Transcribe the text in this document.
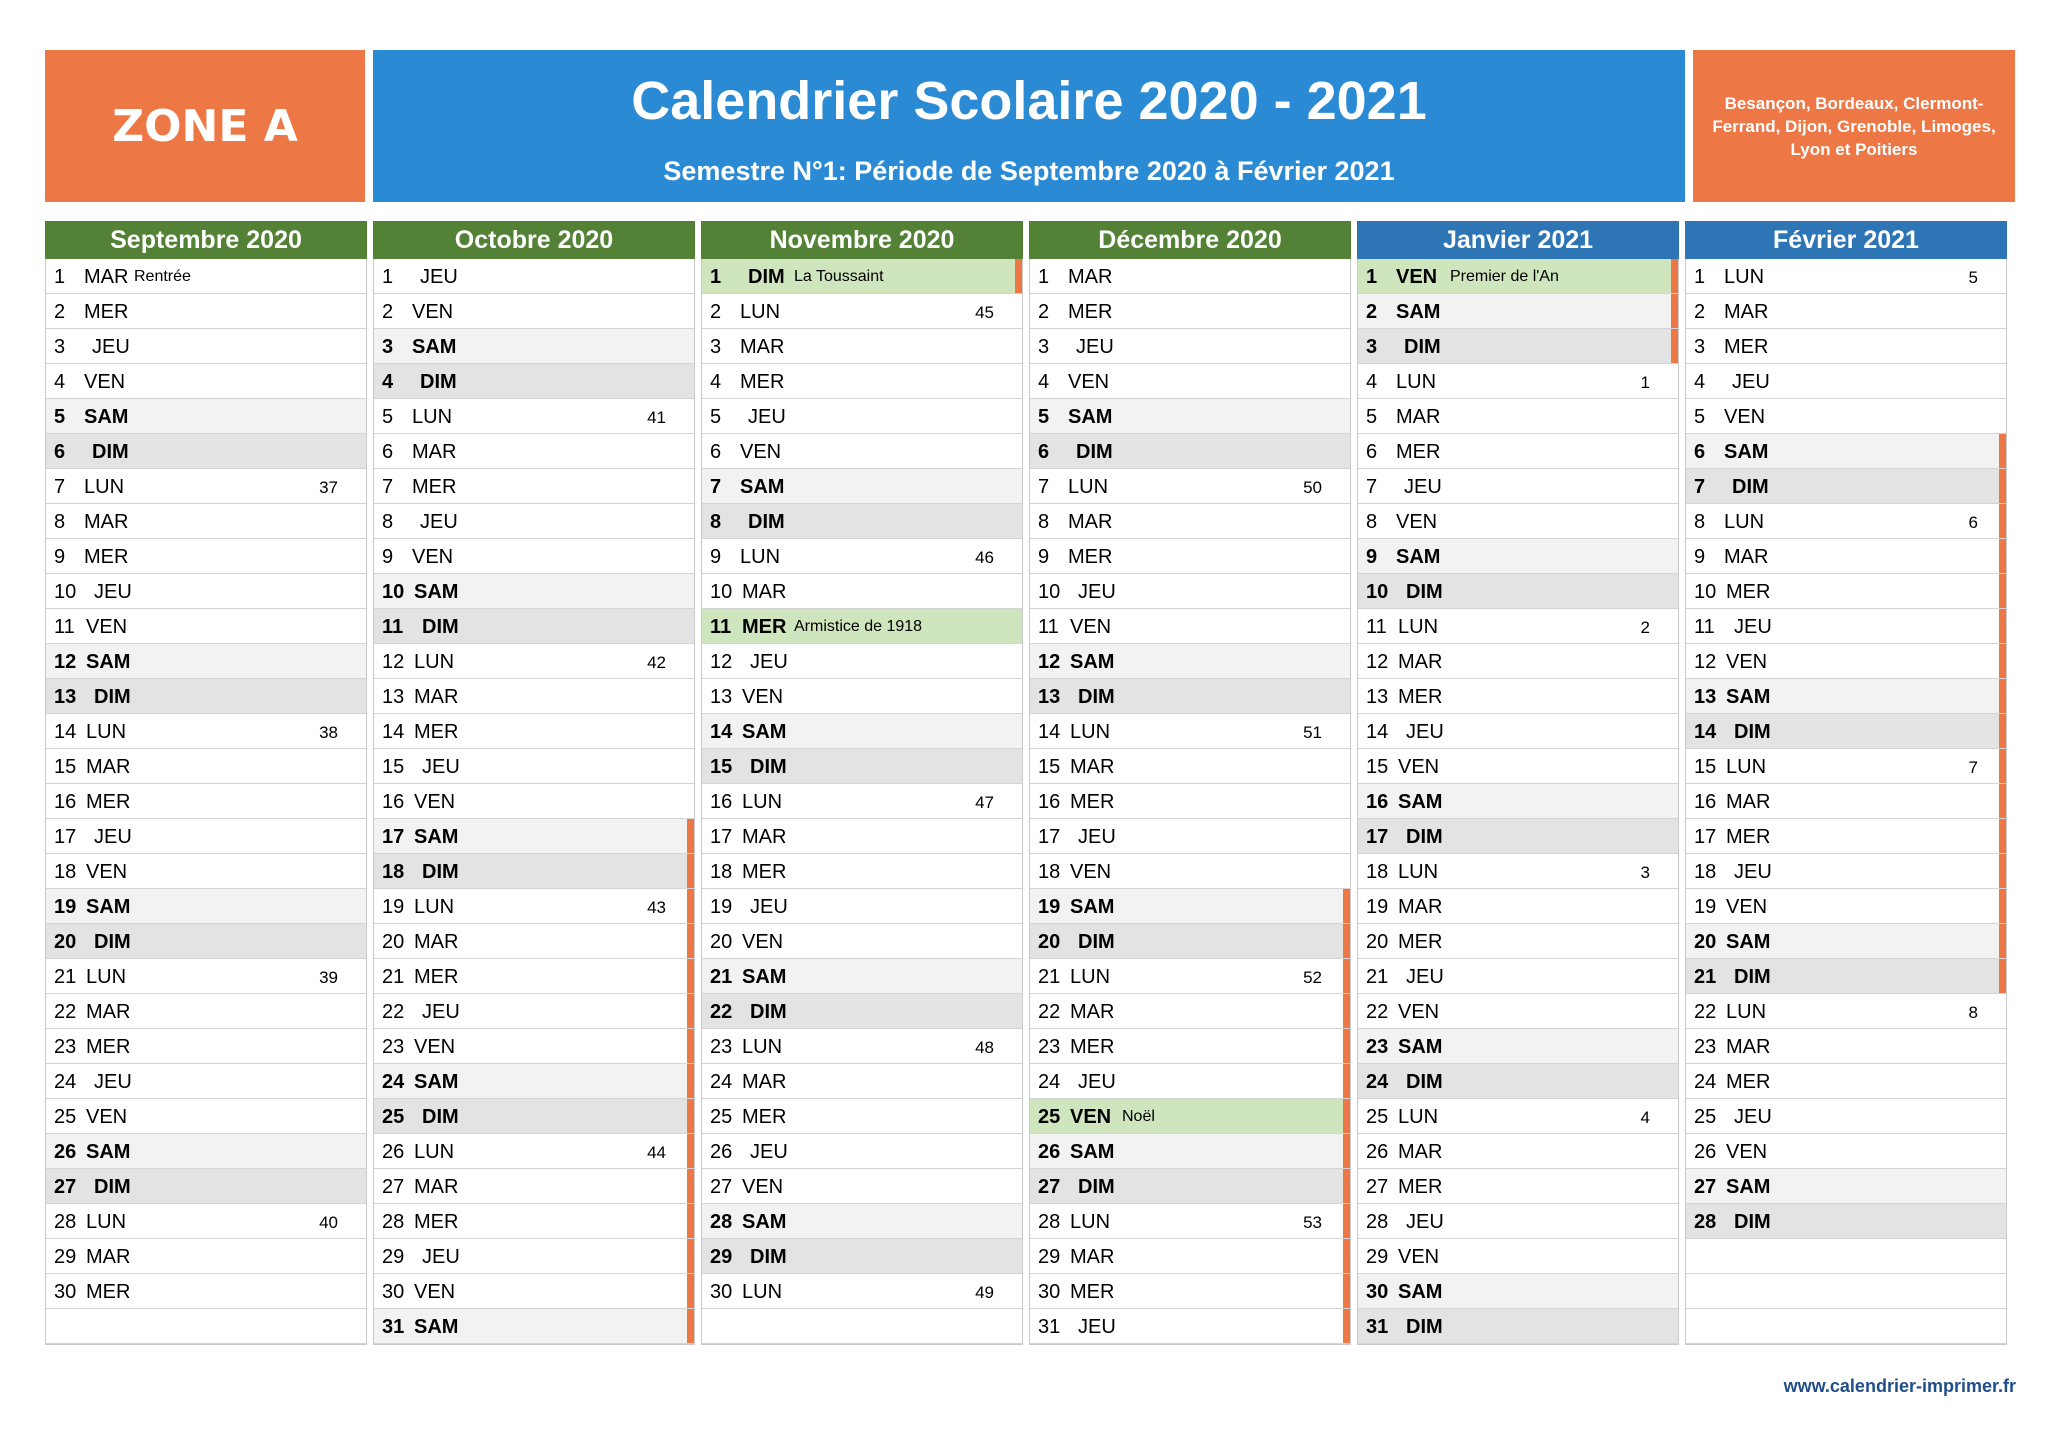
ZONE A	Calendrier Scolaire 2020 - 2021
Semestre N°1: Période de Septembre 2020 à Février 2021
Besançon, Bordeaux, Clermont-Ferrand, Dijon, Grenoble, Limoges, Lyon et Poitiers
Septembre 2020
1 MAR Rentrée
2 MER
3 JEU
4 VEN
5 SAM
6 DIM
7 LUN	37
8 MAR
9 MER
10 JEU
11 VEN
12 SAM
13 DIM
14 LUN	38
15 MAR
16 MER
17 JEU
18 VEN
19 SAM
20 DIM
21 LUN	39
22 MAR
23 MER
24 JEU
25 VEN
26 SAM
27 DIM
28 LUN	40
29 MAR
30 MER
Octobre 2020
1 JEU
2 VEN
3 SAM
4 DIM
5 LUN	41
6 MAR
7 MER
8 JEU
9 VEN
10 SAM
11 DIM
12 LUN	42
13 MAR
14 MER
15 JEU
16 VEN
17 SAM
18 DIM
19 LUN	43
20 MAR
21 MER
22 JEU
23 VEN
24 SAM
25 DIM
26 LUN	44
27 MAR
28 MER
29 JEU
30 VEN
31 SAM
Novembre 2020
1 DIM La Toussaint
2 LUN	45
3 MAR
4 MER
5 JEU
6 VEN
7 SAM
8 DIM
9 LUN	46
10 MAR
11 MER Armistice de 1918
12 JEU
13 VEN
14 SAM
15 DIM
16 LUN	47
17 MAR
18 MER
19 JEU
20 VEN
21 SAM
22 DIM
23 LUN	48
24 MAR
25 MER
26 JEU
27 VEN
28 SAM
29 DIM
30 LUN	49
Décembre 2020
1 MAR
2 MER
3 JEU
4 VEN
5 SAM
6 DIM
7 LUN	50
8 MAR
9 MER
10 JEU
11 VEN
12 SAM
13 DIM
14 LUN	51
15 MAR
16 MER
17 JEU
18 VEN
19 SAM
20 DIM
21 LUN	52
22 MAR
23 MER
24 JEU
25 VEN Noël
26 SAM
27 DIM
28 LUN	53
29 MAR
30 MER
31 JEU
Janvier 2021
1 VEN Premier de l'An
2 SAM
3 DIM
4 LUN	1
5 MAR
6 MER
7 JEU
8 VEN
9 SAM
10 DIM
11 LUN	2
12 MAR
13 MER
14 JEU
15 VEN
16 SAM
17 DIM
18 LUN	3
19 MAR
20 MER
21 JEU
22 VEN
23 SAM
24 DIM
25 LUN	4
26 MAR
27 MER
28 JEU
29 VEN
30 SAM
31 DIM
Février 2021
1 LUN	5
2 MAR
3 MER
4 JEU
5 VEN
6 SAM
7 DIM
8 LUN	6
9 MAR
10 MER
11 JEU
12 VEN
13 SAM
14 DIM
15 LUN	7
16 MAR
17 MER
18 JEU
19 VEN
20 SAM
21 DIM
22 LUN	8
23 MAR
24 MER
25 JEU
26 VEN
27 SAM
28 DIM
www.calendrier-imprimer.fr
